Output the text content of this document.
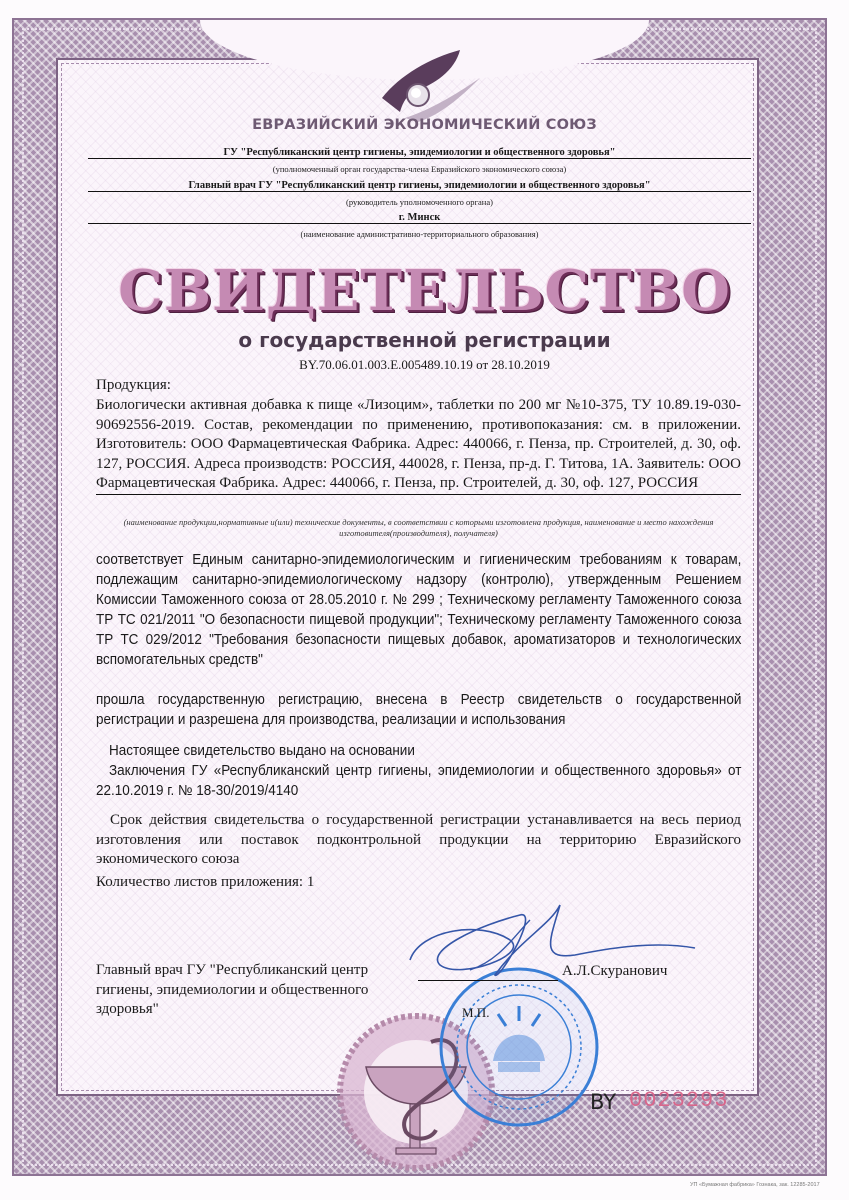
ЕВРАЗИЙСКИЙ ЭКОНОМИЧЕСКИЙ СОЮЗ
ГУ "Республиканский центр гигиены, эпидемиологии и общественного здоровья"
(уполномоченный орган государства-члена Евразийского экономического союза)
Главный врач ГУ "Республиканский центр гигиены, эпидемиологии и общественного здоровья"
(руководитель уполномоченного органа)
г. Минск
(наименование административно-территориального образования)
СВИДЕТЕЛЬСТВО
о государственной регистрации
BY.70.06.01.003.E.005489.10.19 от 28.10.2019
Продукция:
Биологически активная добавка к пище «Лизоцим», таблетки по 200 мг №10-375, ТУ 10.89.19-030-90692556-2019. Состав, рекомендации по применению, противопоказания: см. в приложении. Изготовитель: ООО Фармацевтическая Фабрика. Адрес: 440066, г. Пенза, пр. Строителей, д. 30, оф. 127, РОССИЯ. Адреса производств: РОССИЯ, 440028, г. Пенза, пр-д. Г. Титова, 1А. Заявитель: ООО Фармацевтическая Фабрика. Адрес: 440066, г. Пенза, пр. Строителей, д. 30, оф. 127, РОССИЯ
(наименование продукции,нормативные и(или) технические документы, в соответствии с которыми изготовлена продукция, наименование и место нахождения изготовителя(производителя), получателя)
соответствует Единым санитарно-эпидемиологическим и гигиеническим требованиям к товарам, подлежащим санитарно-эпидемиологическому надзору (контролю), утвержденным Решением Комиссии Таможенного союза от 28.05.2010 г. № 299 ; Техническому регламенту Таможенного союза ТР ТС 021/2011 "О безопасности пищевой продукции"; Техническому регламенту Таможенного союза ТР ТС 029/2012 "Требования безопасности пищевых добавок, ароматизаторов и технологических вспомогательных средств"
прошла государственную регистрацию, внесена в Реестр свидетельств о государственной регистрации и разрешена для производства, реализации и использования
Настоящее свидетельство выдано на основании
Заключения ГУ «Республиканский центр гигиены, эпидемиологии и общественного здоровья» от 22.10.2019 г. № 18-30/2019/4140
Срок действия свидетельства о государственной регистрации устанавливается на весь период изготовления или поставок подконтрольной продукции на территорию Евразийского экономического союза
Количество листов приложения: 1
Главный врач ГУ "Республиканский центр гигиены, эпидемиологии и общественного здоровья"
А.Л.Скуранович
М.П.
BY 0023293
УП «Бумажная фабрика» Гознака, зак. 12285-2017
